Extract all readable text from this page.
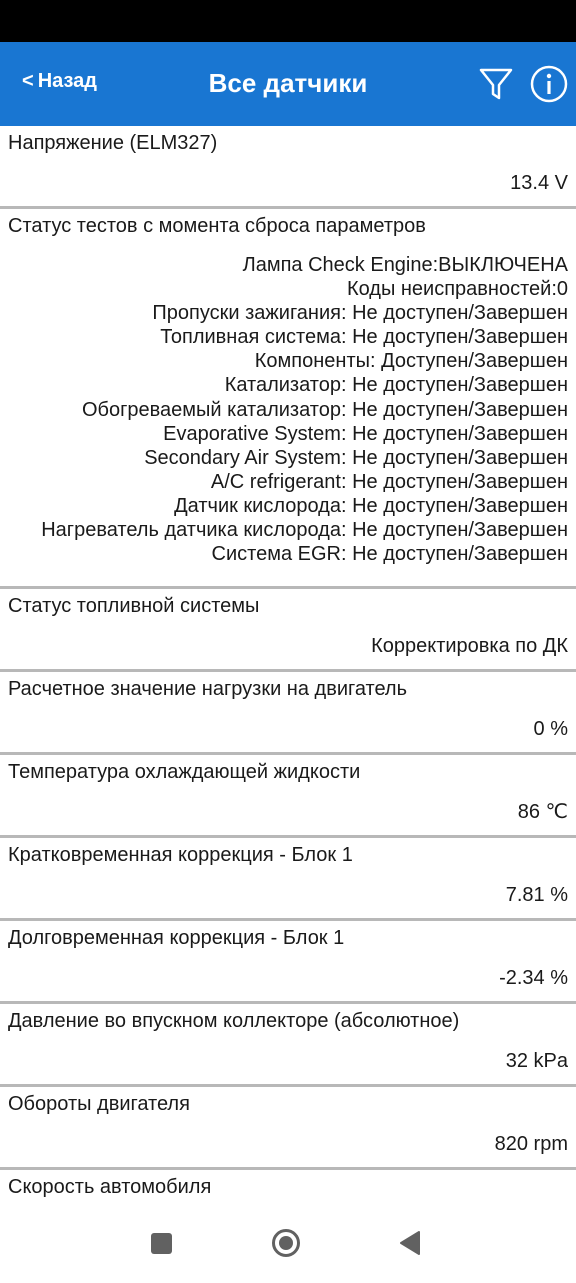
< Назад	Все датчики
Напряжение (ELM327)
13.4 V
Статус тестов с момента сброса параметров
Лампа Check Engine:ВЫКЛЮЧЕНА
Коды неисправностей:0
Пропуски зажигания: Не доступен/Завершен
Топливная система: Не доступен/Завершен
Компоненты: Доступен/Завершен
Катализатор: Не доступен/Завершен
Обогреваемый катализатор: Не доступен/Завершен
Evaporative System: Не доступен/Завершен
Secondary Air System: Не доступен/Завершен
A/C refrigerant: Не доступен/Завершен
Датчик кислорода: Не доступен/Завершен
Нагреватель датчика кислорода: Не доступен/Завершен
Система EGR: Не доступен/Завершен
Статус топливной системы
Корректировка по ДК
Расчетное значение нагрузки на двигатель
0 %
Температура охлаждающей жидкости
86 ℃
Кратковременная коррекция - Блок 1
7.81 %
Долговременная коррекция - Блок 1
-2.34 %
Давление во впускном коллекторе (абсолютное)
32 kPa
Обороты двигателя
820 rpm
Скорость автомобиля
